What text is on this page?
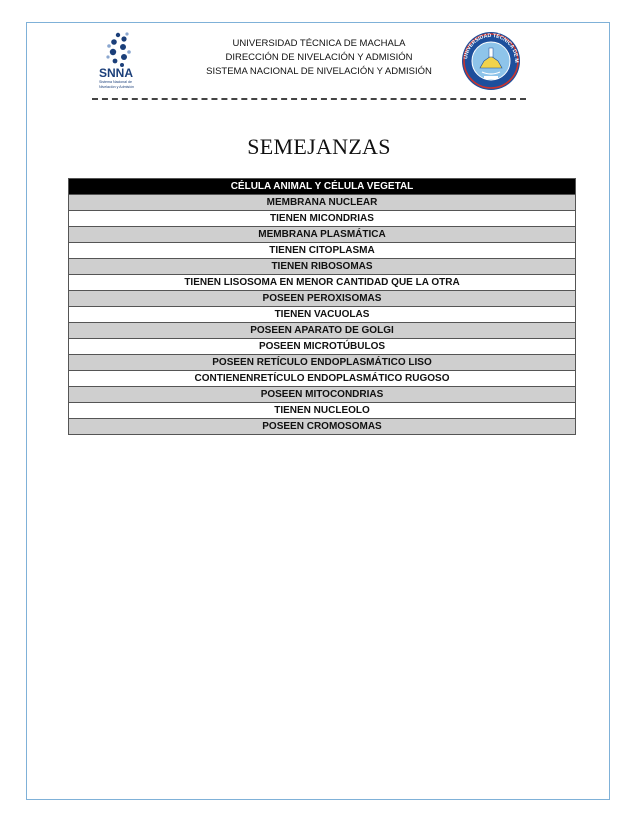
SNNA
Sistema Nacional de
Nivelación y Admisión
UNIVERSIDAD TÉCNICA DE MACHALA
DIRECCIÓN DE NIVELACIÓN Y ADMISIÓN
SISTEMA NACIONAL DE NIVELACIÓN Y ADMISIÓN
UNIVERSIDAD TÉCNICA DE M
SEMEJANZAS
CÉLULA ANIMAL Y CÉLULA VEGETAL
MEMBRANA NUCLEAR
TIENEN MICONDRIAS
MEMBRANA PLASMÁTICA
TIENEN CITOPLASMA
TIENEN RIBOSOMAS
TIENEN LISOSOMA EN MENOR CANTIDAD QUE LA OTRA
POSEEN PEROXISOMAS
TIENEN VACUOLAS
POSEEN APARATO DE GOLGI
POSEEN MICROTÚBULOS
POSEEN RETÍCULO ENDOPLASMÁTICO LISO
CONTIENENRETÍCULO ENDOPLASMÁTICO RUGOSO
POSEEN MITOCONDRIAS
TIENEN NUCLEOLO
POSEEN CROMOSOMAS
